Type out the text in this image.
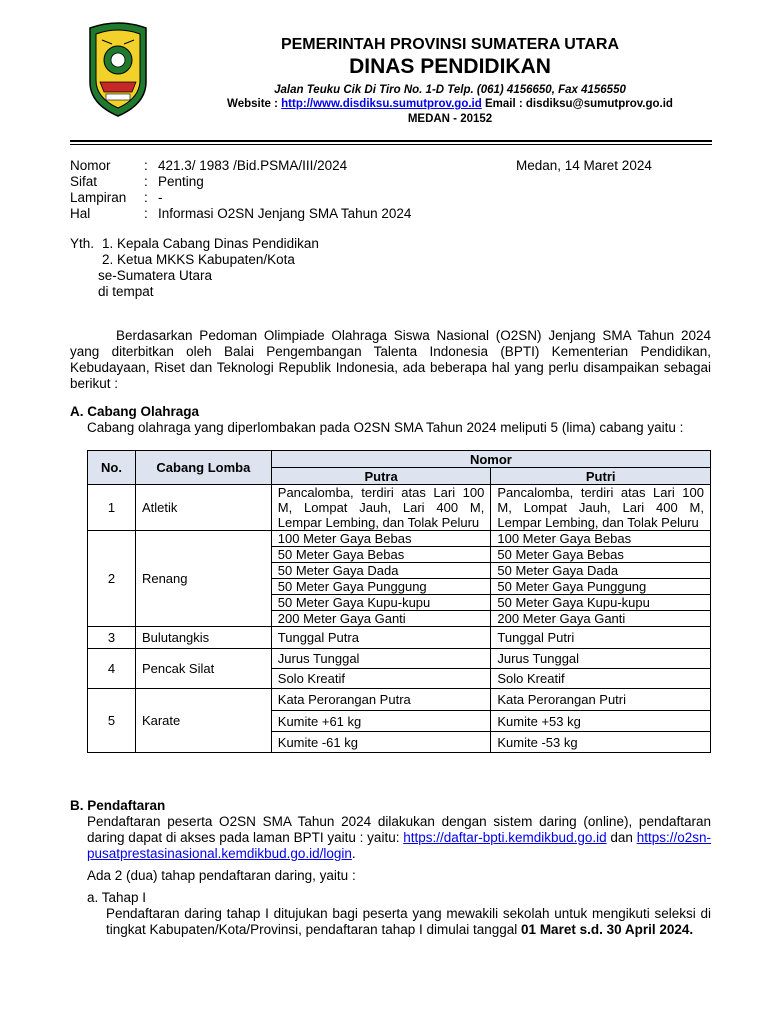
PEMERINTAH PROVINSI SUMATERA UTARA
DINAS PENDIDIKAN
Jalan Teuku Cik Di Tiro No. 1-D Telp. (061) 4156650, Fax 4156550
Website : http://www.disdiksu.sumutprov.go.id Email : disdiksu@sumutprov.go.id
MEDAN - 20152
Nomor	: 421.3/ 1983 /Bid.PSMA/III/2024
Sifat	: Penting
Lampiran	: -
Hal	: Informasi O2SN Jenjang SMA Tahun 2024
Medan, 14 Maret 2024
Yth. 1. Kepala Cabang Dinas Pendidikan
2. Ketua MKKS Kabupaten/Kota
se-Sumatera Utara
di tempat
Berdasarkan Pedoman Olimpiade Olahraga Siswa Nasional (O2SN) Jenjang SMA Tahun 2024 yang diterbitkan oleh Balai Pengembangan Talenta Indonesia (BPTI) Kementerian Pendidikan, Kebudayaan, Riset dan Teknologi Republik Indonesia, ada beberapa hal yang perlu disampaikan sebagai berikut :
A. Cabang Olahraga
Cabang olahraga yang diperlombakan pada O2SN SMA Tahun 2024 meliputi 5 (lima) cabang yaitu :
No.	Cabang Lomba	Nomor	
		Putra	Putri
1	Atletik	Pancalomba, terdiri atas Lari 100 M, Lompat Jauh, Lari 400 M, Lempar Lembing, dan Tolak Peluru	Pancalomba, terdiri atas Lari 100 M, Lompat Jauh, Lari 400 M, Lempar Lembing, dan Tolak Peluru
2	Renang	100 Meter Gaya Bebas	100 Meter Gaya Bebas
		50 Meter Gaya Bebas	50 Meter Gaya Bebas
		50 Meter Gaya Dada	50 Meter Gaya Dada
		50 Meter Gaya Punggung	50 Meter Gaya Punggung
		50 Meter Gaya Kupu-kupu	50 Meter Gaya Kupu-kupu
		200 Meter Gaya Ganti	200 Meter Gaya Ganti
3	Bulutangkis	Tunggal Putra	Tunggal Putri
4	Pencak Silat	Jurus Tunggal	Jurus Tunggal
		Solo Kreatif	Solo Kreatif
5	Karate	Kata Perorangan Putra	Kata Perorangan Putri
		Kumite +61 kg	Kumite +53 kg
		Kumite -61 kg	Kumite -53 kg
B. Pendaftaran
Pendaftaran peserta O2SN SMA Tahun 2024 dilakukan dengan sistem daring (online), pendaftaran daring dapat di akses pada laman BPTI yaitu : yaitu: https://daftar-bpti.kemdikbud.go.id dan https://o2sn-pusatprestasinasional.kemdikbud.go.id/login.
Ada 2 (dua) tahap pendaftaran daring, yaitu :
a. Tahap I
Pendaftaran daring tahap I ditujukan bagi peserta yang mewakili sekolah untuk mengikuti seleksi di tingkat Kabupaten/Kota/Provinsi, pendaftaran tahap I dimulai tanggal 01 Maret s.d. 30 April 2024.
